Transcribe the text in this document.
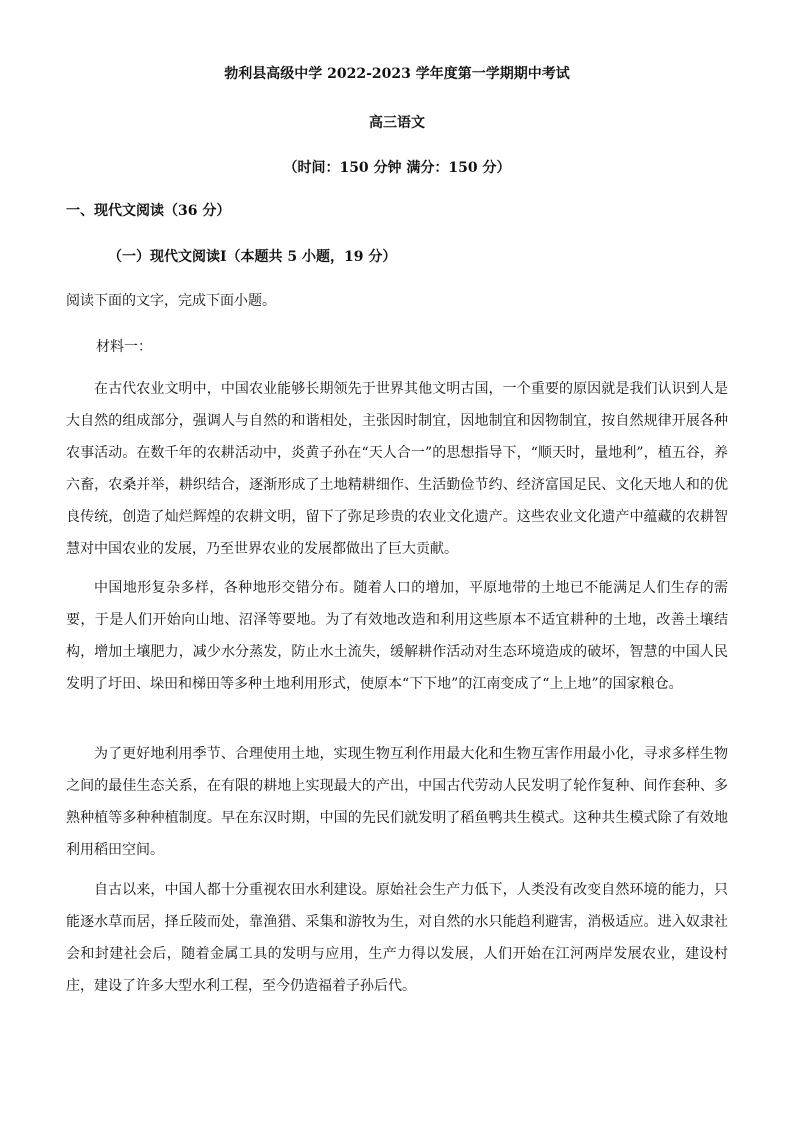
勃利县高级中学 2022-2023 学年度第一学期期中考试
高三语文
（时间：150 分钟 满分：150 分）
一、现代文阅读（36 分）
（一）现代文阅读Ⅰ（本题共 5 小题，19 分）
阅读下面的文字，完成下面小题。
材料一：

在古代农业文明中，中国农业能够长期领先于世界其他文明古国，一个重要的原因就是我们认识到人是大自然的组成部分，强调人与自然的和谐相处，主张因时制宜，因地制宜和因物制宜，按自然规律开展各种农事活动。在数千年的农耕活动中，炎黄子孙在“天人合一”的思想指导下，“顺天时，量地利”，植五谷，养六畜，农桑并举，耕织结合，逐渐形成了土地精耕细作、生活勤俭节约、经济富国足民、文化天地人和的优良传统，创造了灿烂辉煌的农耕文明，留下了弥足珍贵的农业文化遗产。这些农业文化遗产中蕴藏的农耕智慧对中国农业的发展，乃至世界农业的发展都做出了巨大贡献。

中国地形复杂多样，各种地形交错分布。随着人口的增加，平原地带的土地已不能满足人们生存的需要，于是人们开始向山地、沼泽等要地。为了有效地改造和利用这些原本不适宜耕种的土地，改善土壤结构，增加土壤肥力，减少水分蒸发，防止水土流失，缓解耕作活动对生态环境造成的破坏，智慧的中国人民发明了圩田、垛田和梯田等多种土地利用形式，使原本“下下地”的江南变成了“上上地”的国家粮仓。

为了更好地利用季节、合理使用土地，实现生物互利作用最大化和生物互害作用最小化，寻求多样生物之间的最佳生态关系，在有限的耕地上实现最大的产出，中国古代劳动人民发明了轮作复种、间作套种、多熟种植等多种种植制度。早在东汉时期，中国的先民们就发明了稻鱼鸭共生模式。这种共生模式除了有效地利用稻田空间。

自古以来，中国人都十分重视农田水利建设。原始社会生产力低下，人类没有改变自然环境的能力，只能逐水草而居，择丘陵而处，靠渔猎、采集和游牧为生，对自然的水只能趋利避害，消极适应。进入奴隶社会和封建社会后，随着金属工具的发明与应用，生产力得以发展，人们开始在江河两岸发展农业，建设村庄，建设了许多大型水利工程，至今仍造福着子孙后代。
